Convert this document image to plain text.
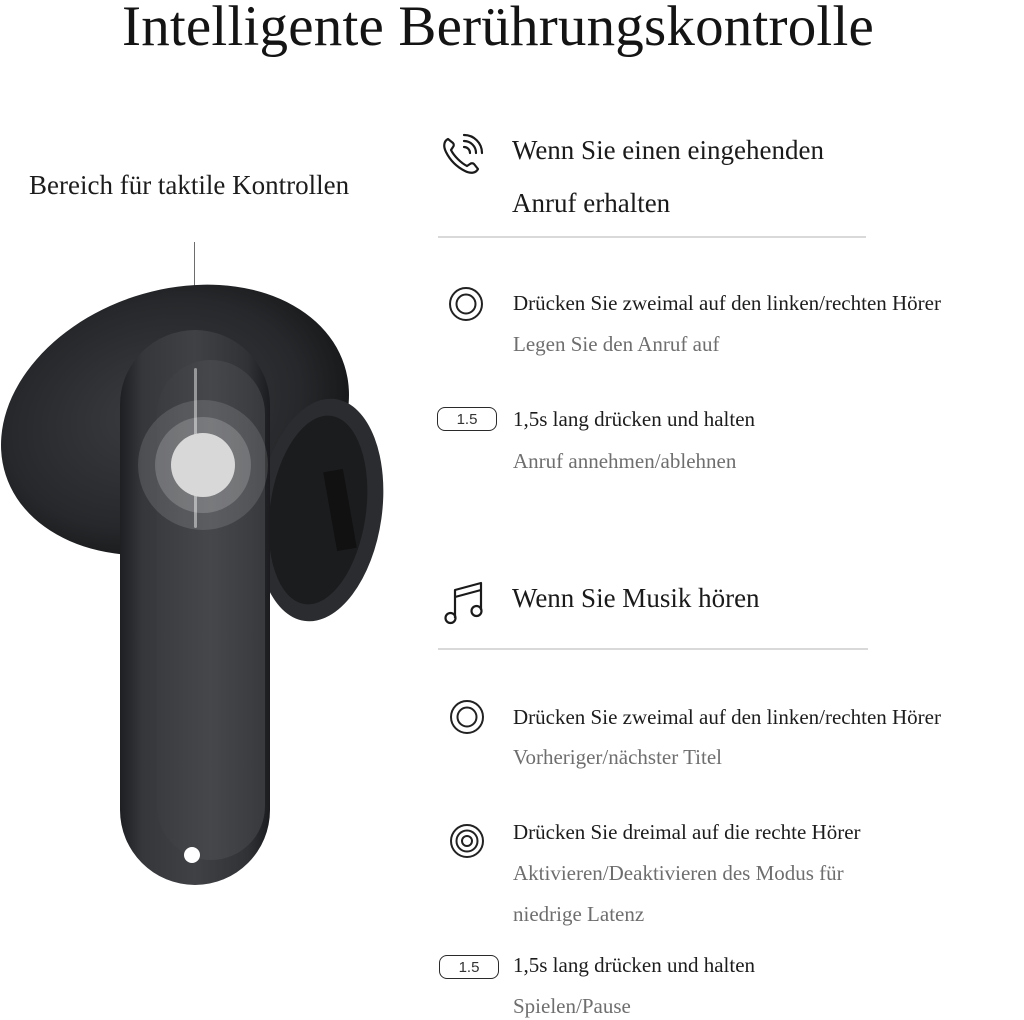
Intelligente Berührungskontrolle
Bereich für taktile Kontrollen
Wenn Sie einen eingehenden
Anruf erhalten
Drücken Sie zweimal auf den linken/rechten Hörer
Legen Sie den Anruf auf
1.5	1,5s lang drücken und halten
Anruf annehmen/ablehnen
Wenn Sie Musik hören
Drücken Sie zweimal auf den linken/rechten Hörer
Vorheriger/nächster Titel
Drücken Sie dreimal auf die rechte Hörer
Aktivieren/Deaktivieren des Modus für
niedrige Latenz
1.5	1,5s lang drücken und halten
Spielen/Pause
